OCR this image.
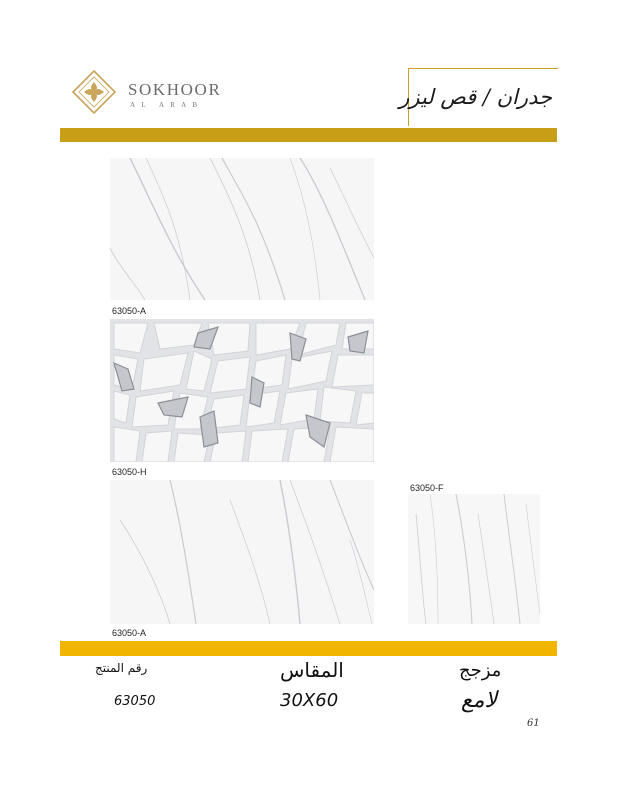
SOKHOOR
AL ARAB	جدران / قص ليزر
63050-A
63050-H
63050-F
63050-A
رقم المنتج	المقاس	مزجج
63050	30X60	لامع
61
